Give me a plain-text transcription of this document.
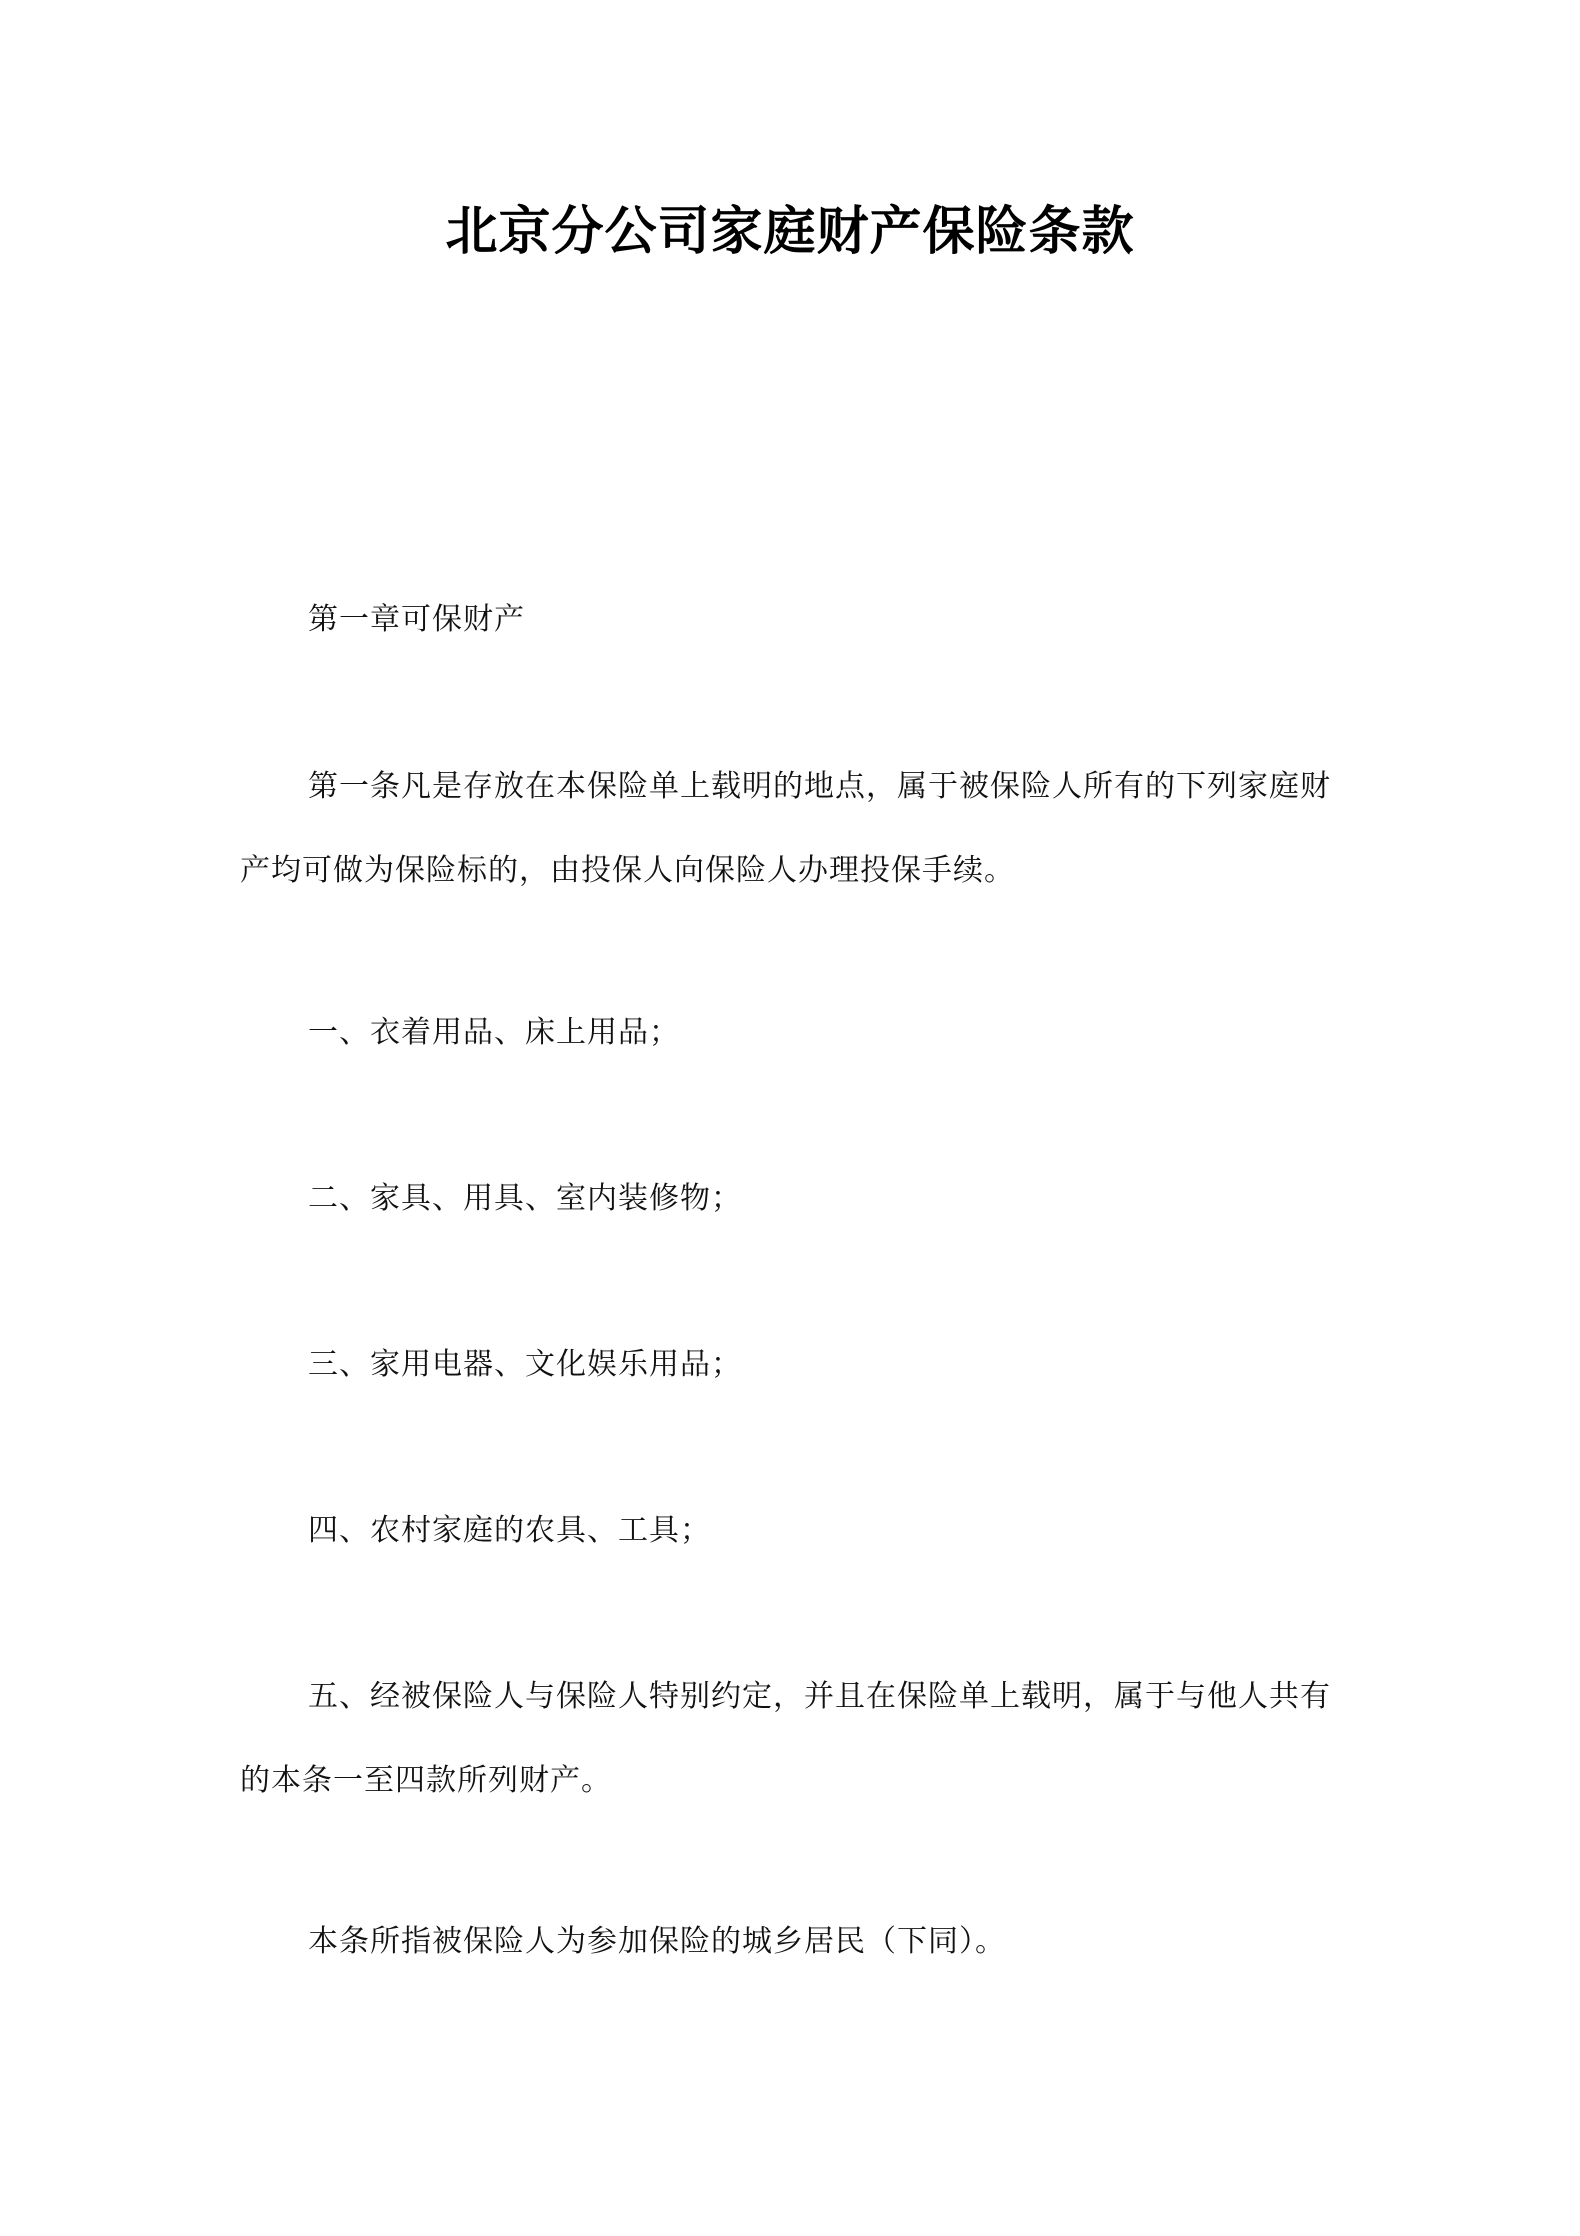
北京分公司家庭财产保险条款

第一章可保财产

第一条凡是存放在本保险单上载明的地点，属于被保险人所有的下列家庭财产均可做为保险标的，由投保人向保险人办理投保手续。

一、衣着用品、床上用品；

二、家具、用具、室内装修物；

三、家用电器、文化娱乐用品；

四、农村家庭的农具、工具；

五、经被保险人与保险人特别约定，并且在保险单上载明，属于与他人共有的本条一至四款所列财产。

本条所指被保险人为参加保险的城乡居民（下同）。
